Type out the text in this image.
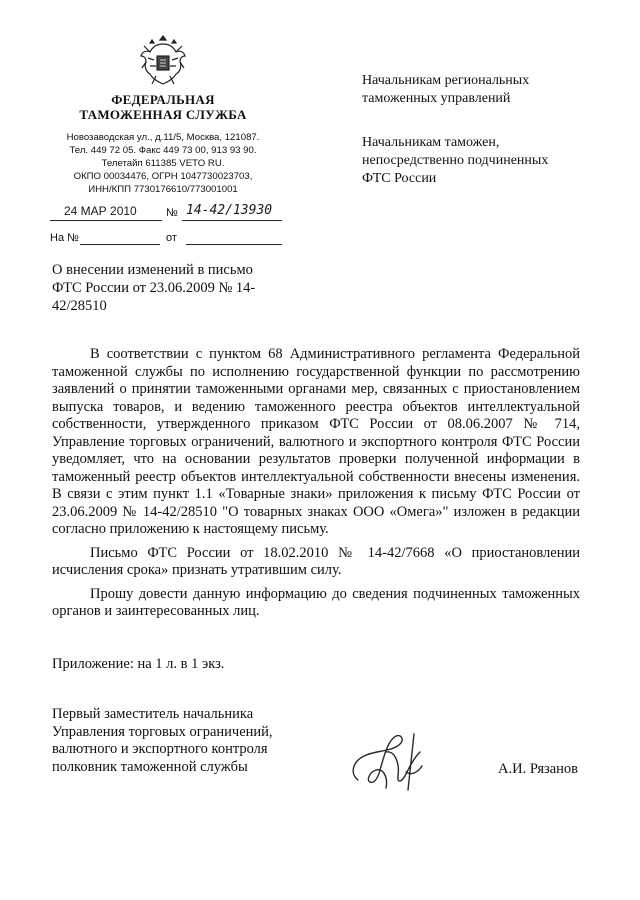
ФЕДЕРАЛЬНАЯ
ТАМОЖЕННАЯ СЛУЖБА
Новозаводская ул., д.11/5, Москва, 121087.
Тел. 449 72 05. Факс 449 73 00, 913 93 90.
Телетайп 611385 VETO RU.
ОКПО 00034476, ОГРН 1047730023703,
ИНН/КПП 7730176610/773001001
24 МАР 2010	№ 14-42/13930
На №	от
Начальникам региональных
таможенных управлений
Начальникам таможен,
непосредственно подчиненных
ФТС России
О внесении изменений в письмо
ФТС России от 23.06.2009 № 14-
42/28510

В соответствии с пунктом 68 Административного регламента Федеральной таможенной службы по исполнению государственной функции по рассмотрению заявлений о принятии таможенными органами мер, связанных с приостановлением выпуска товаров, и ведению таможенного реестра объектов интеллектуальной собственности, утвержденного приказом ФТС России от 08.06.2007 № 714, Управление торговых ограничений, валютного и экспортного контроля ФТС России уведомляет, что на основании результатов проверки полученной информации в таможенный реестр объектов интеллектуальной собственности внесены изменения. В связи с этим пункт 1.1 «Товарные знаки» приложения к письму ФТС России от 23.06.2009 № 14-42/28510 "О товарных знаках ООО «Омега»" изложен в редакции согласно приложению к настоящему письму.

Письмо ФТС России от 18.02.2010 № 14-42/7668 «О приостановлении исчисления срока» признать утратившим силу.

Прошу довести данную информацию до сведения подчиненных таможенных органов и заинтересованных лиц.

Приложение: на 1 л. в 1 экз.
Первый заместитель начальника
Управления торговых ограничений,
валютного и экспортного контроля
полковник таможенной службы	А.И. Рязанов
